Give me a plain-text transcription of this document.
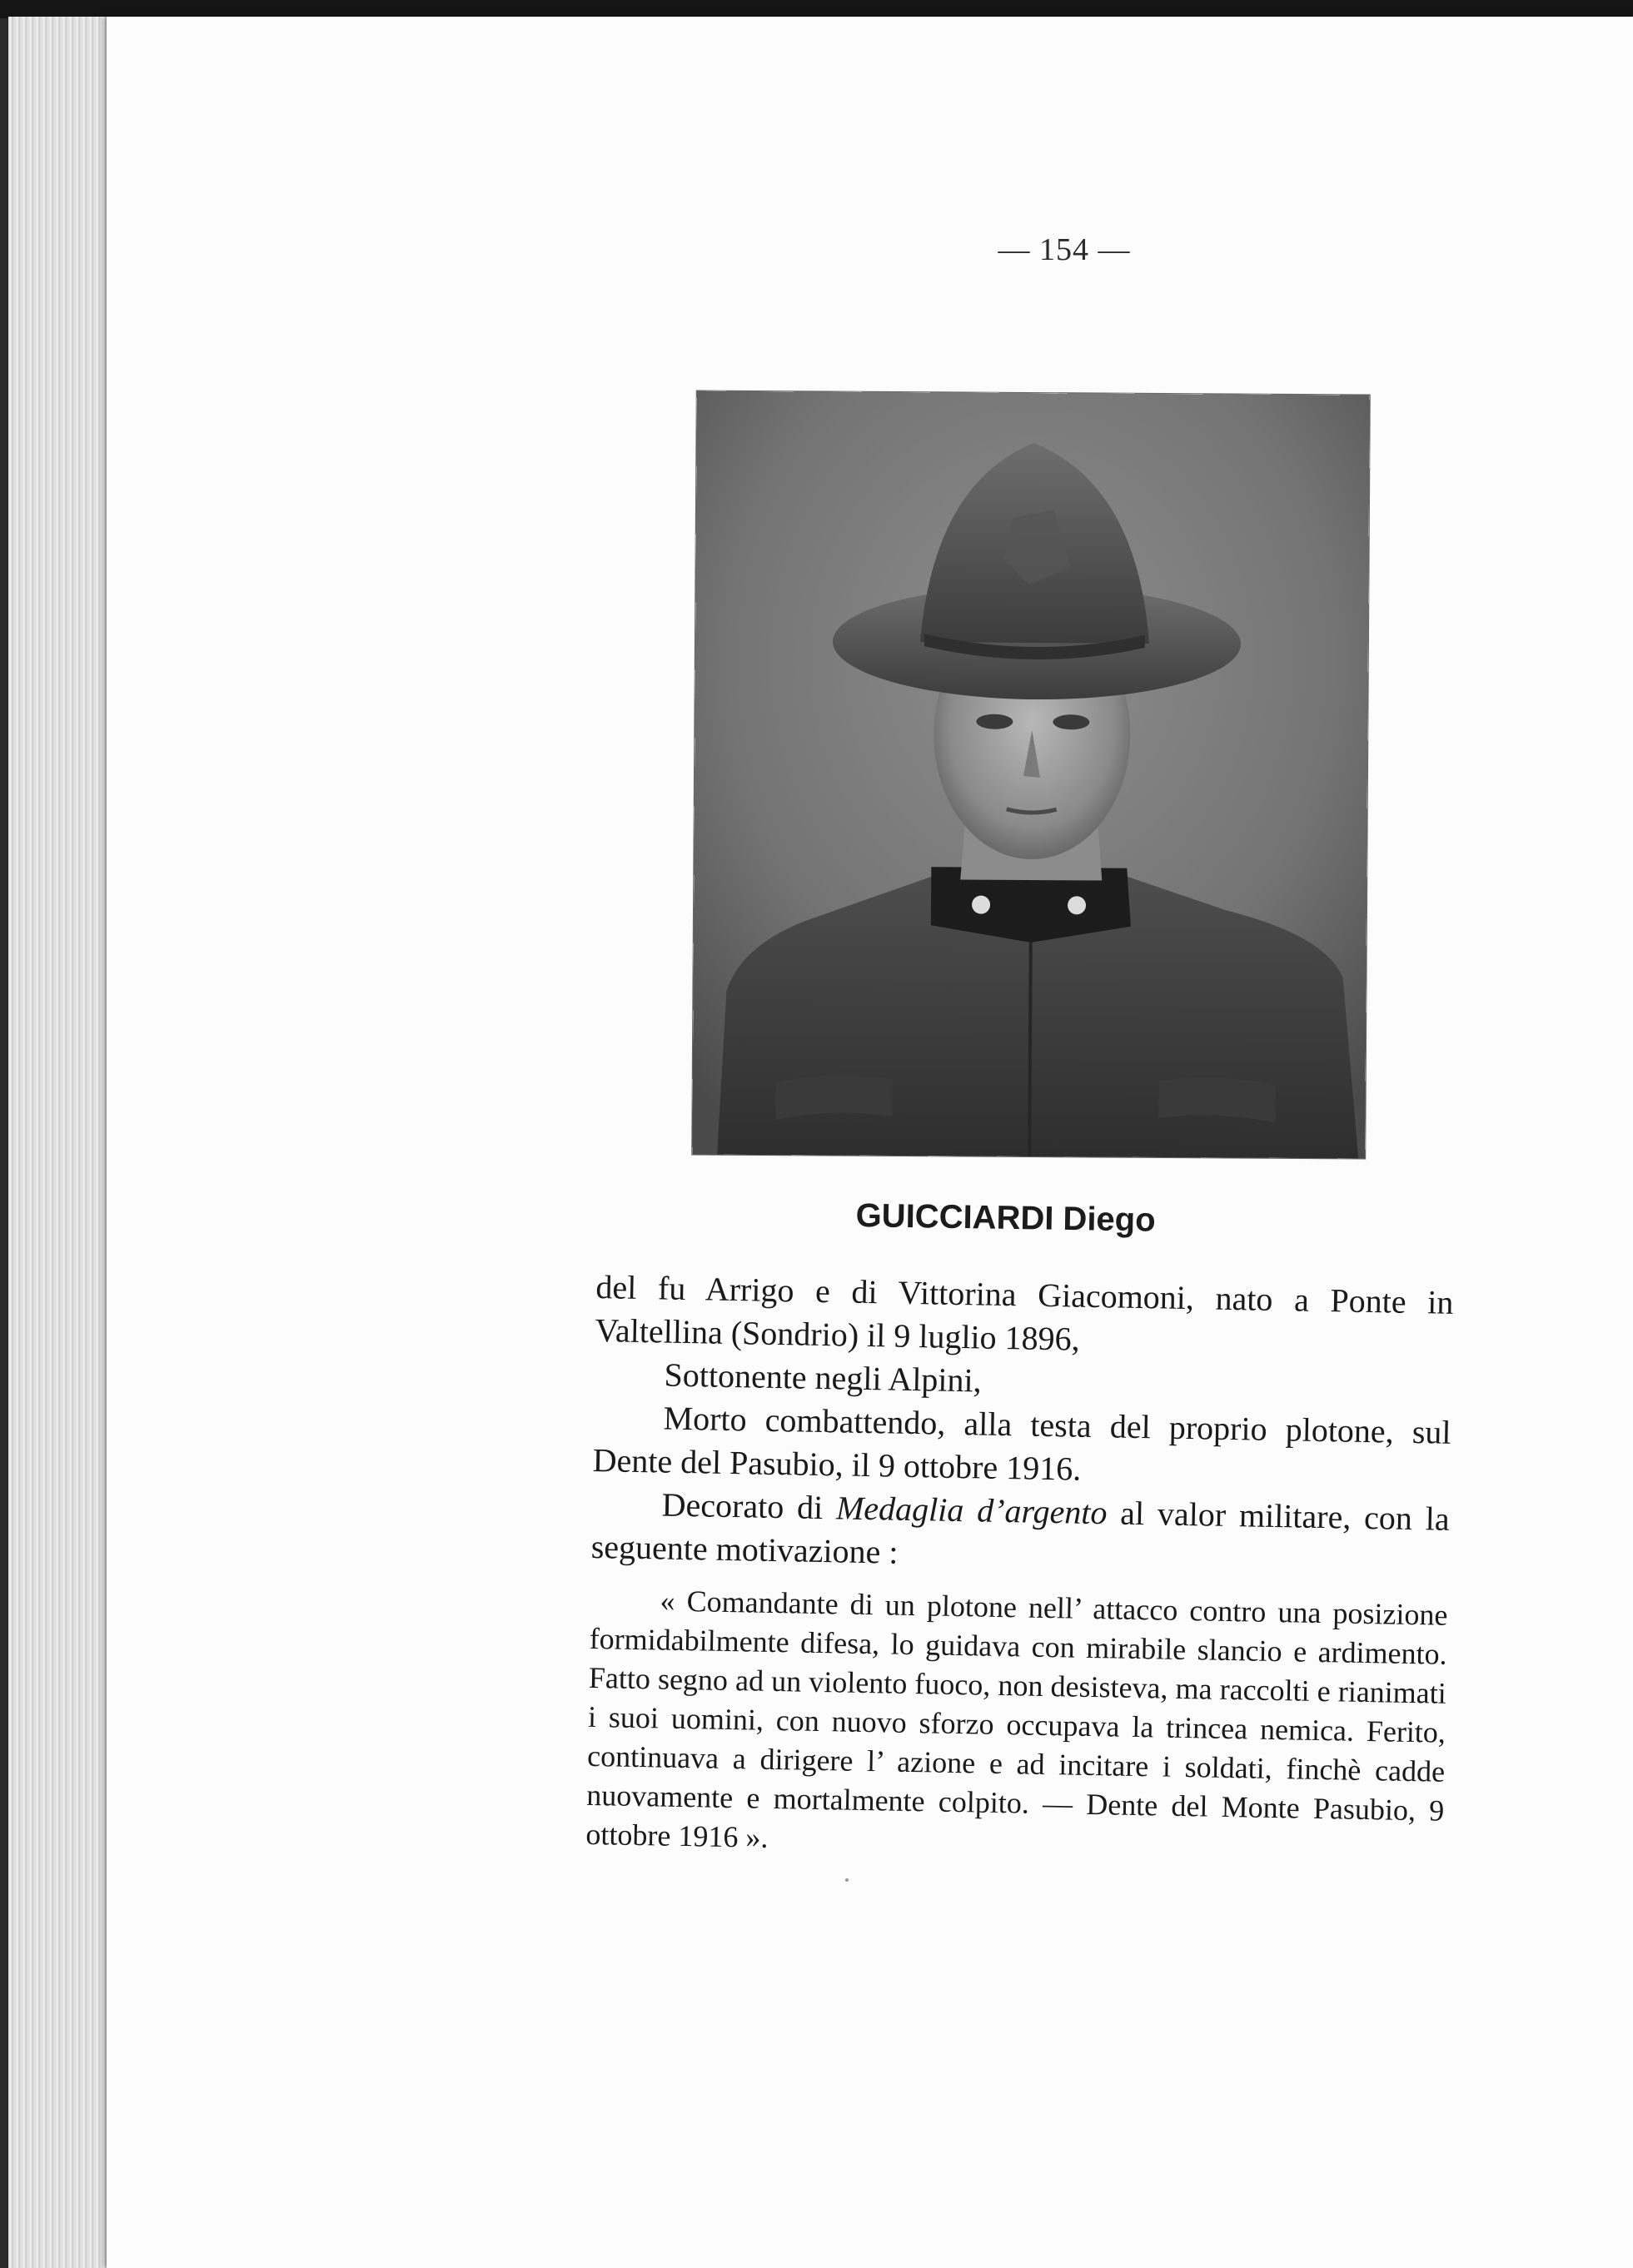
— 154 —
GUICCIARDI Diego

del fu Arrigo e di Vittorina Giacomoni, nato a Ponte in Valtellina (Sondrio) il 9 luglio 1896,

Sottonente negli Alpini,

Morto combattendo, alla testa del proprio plotone, sul Dente del Pasubio, il 9 ottobre 1916.

Decorato di Medaglia d’argento al valor militare, con la seguente motivazione :

« Comandante di un plotone nell’ attacco contro una posizione formidabilmente difesa, lo guidava con mirabile slancio e ardimento. Fatto segno ad un violento fuoco, non desisteva, ma raccolti e rianimati i suoi uomini, con nuovo sforzo occupava la trincea nemica. Ferito, continuava a dirigere l’ azione e ad incitare i soldati, finchè cadde nuovamente e mortalmente colpito. — Dente del Monte Pasubio, 9 ottobre 1916 ».
